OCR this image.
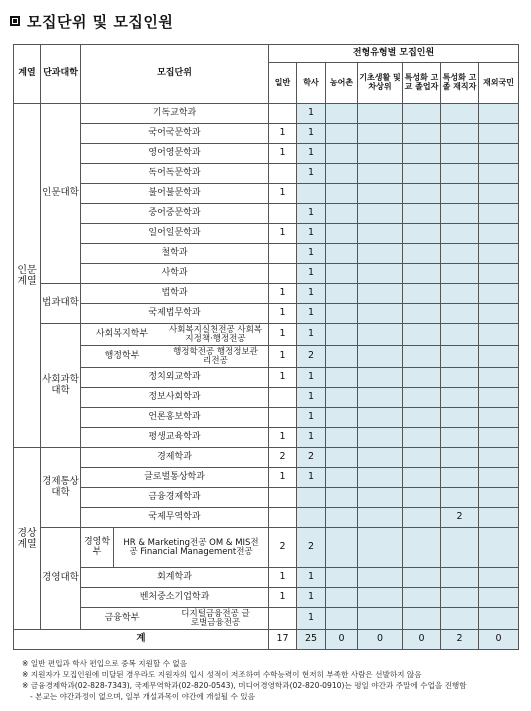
모집단위 및 모집인원
계열	단과대학	모집단위		전형유형별 모집인원						
				일반	학사	농어촌	기초생활 및차상위	특성화 고교 졸업자	특성화 고졸 재직자	재외국민
인문 계열	인문대학	기독교학과			1					
		국어국문학과		1	1					
		영어영문학과		1	1					
		독어독문학과			1					
		불어불문학과		1						
		중어중문학과			1					
		일어일문학과		1	1					
		철학과			1					
		사학과			1					
	법과대학	법학과		1	1					
		국제법무학과		1	1					
	사회과학 대학	사회복지학부 사회복지실천전공 사회복지정책·행정전공		1	1					

		행정학부 행정학전공 행정정보관리전공		1	2					
		정치외교학과		1	1					
		정보사회학과			1					
		언론홍보학과			1					
		평생교육학과		1	1					
경상 계열	경제통상 대학	경제학과		2	2					
		글로벌통상학과		1	1					
		금융경제학과								
		국제무역학과							2	
	경영대학	경영학부	HR & Marketing전공 OM & MIS전공 Financial Management전공	2	2					
		회계학과		1	1					
		벤처중소기업학과		1	1					

		금융학부 디지털금융전공 글로벌금융전공			1					
계				17	25	0	0	0	2	0
※ 일반 편입과 학사 편입으로 중복 지원할 수 없음
※ 지원자가 모집인원에 미달된 경우라도 지원자의 입시 성적이 저조하여 수학능력이 현저히 부족한 사람은 선발하지 않음
※ 금융경제학과(02-828-7343), 국제무역학과(02-820-0543), 미디어경영학과(02-820-0910)는 평일 야간과 주말에 수업을 진행함
- 본교는 야간과정이 없으며, 일부 개설과목이 야간에 개설될 수 있음
